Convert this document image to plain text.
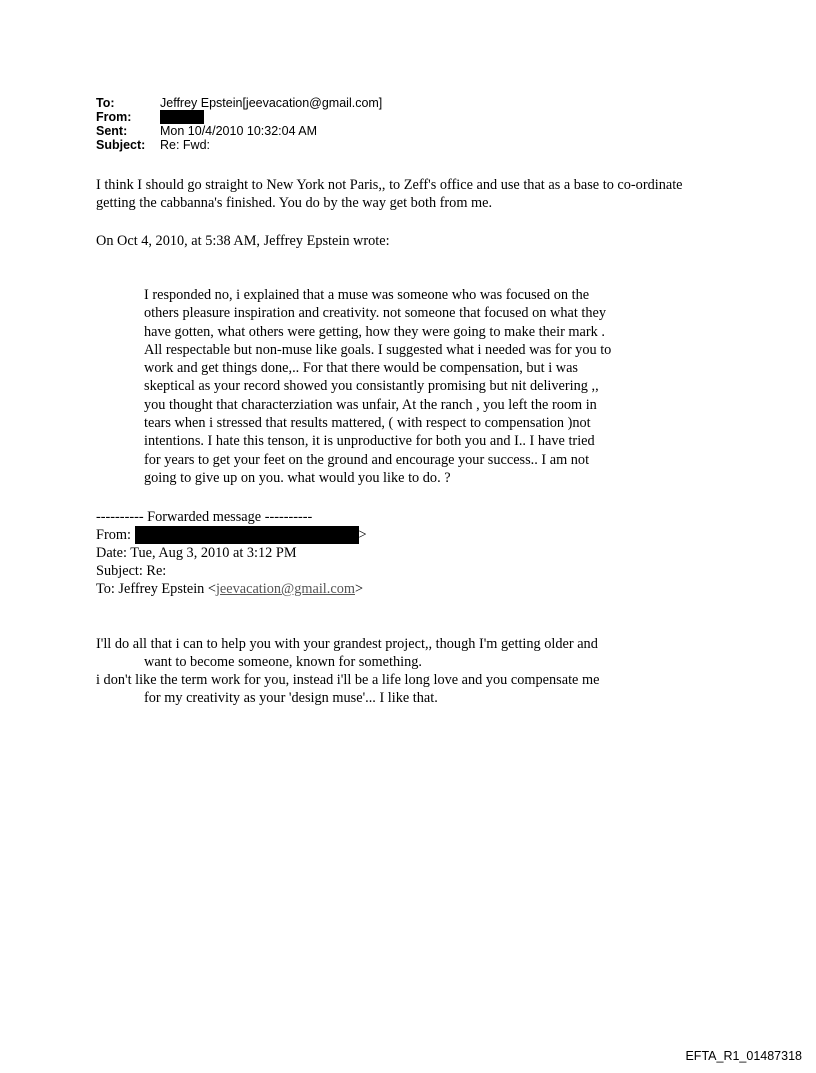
To:	Jeffrey Epstein[jeevacation@gmail.com]
From:
Sent:	Mon 10/4/2010 10:32:04 AM
Subject:	Re: Fwd:
I think I should go straight to New York not Paris,, to Zeff's office and use that as a base to co-ordinate getting the cabbanna's finished. You do by the way get both from me.
On Oct 4, 2010, at 5:38 AM, Jeffrey Epstein wrote:
I responded no, i explained that a muse was someone who was focused on the
others pleasure inspiration and creativity. not someone that focused on what they
have gotten, what others were getting, how they were going to make their mark .
All respectable but non-muse like goals. I suggested what i needed was for you to
work and get things done,.. For that there would be compensation, but i was
skeptical as your record showed you consistantly promising but nit delivering ,,
you thought that characterziation was unfair, At the ranch , you left the room in
tears when i stressed that results mattered, ( with respect to compensation )not
intentions. I hate this tenson, it is unproductive for both you and I.. I have tried
for years to get your feet on the ground and encourage your success.. I am not
going to give up on you. what would you like to do. ?
---------- Forwarded message ----------
From:	>
Date: Tue, Aug 3, 2010 at 3:12 PM
Subject: Re:
To: Jeffrey Epstein <jeevacation@gmail.com>
I'll do all that i can to help you with your grandest project,, though I'm getting older and
want to become someone, known for something.
i don't like the term work for you, instead i'll be a life long love and you compensate me
for my creativity as your 'design muse'... I like that.
EFTA_R1_01487318
